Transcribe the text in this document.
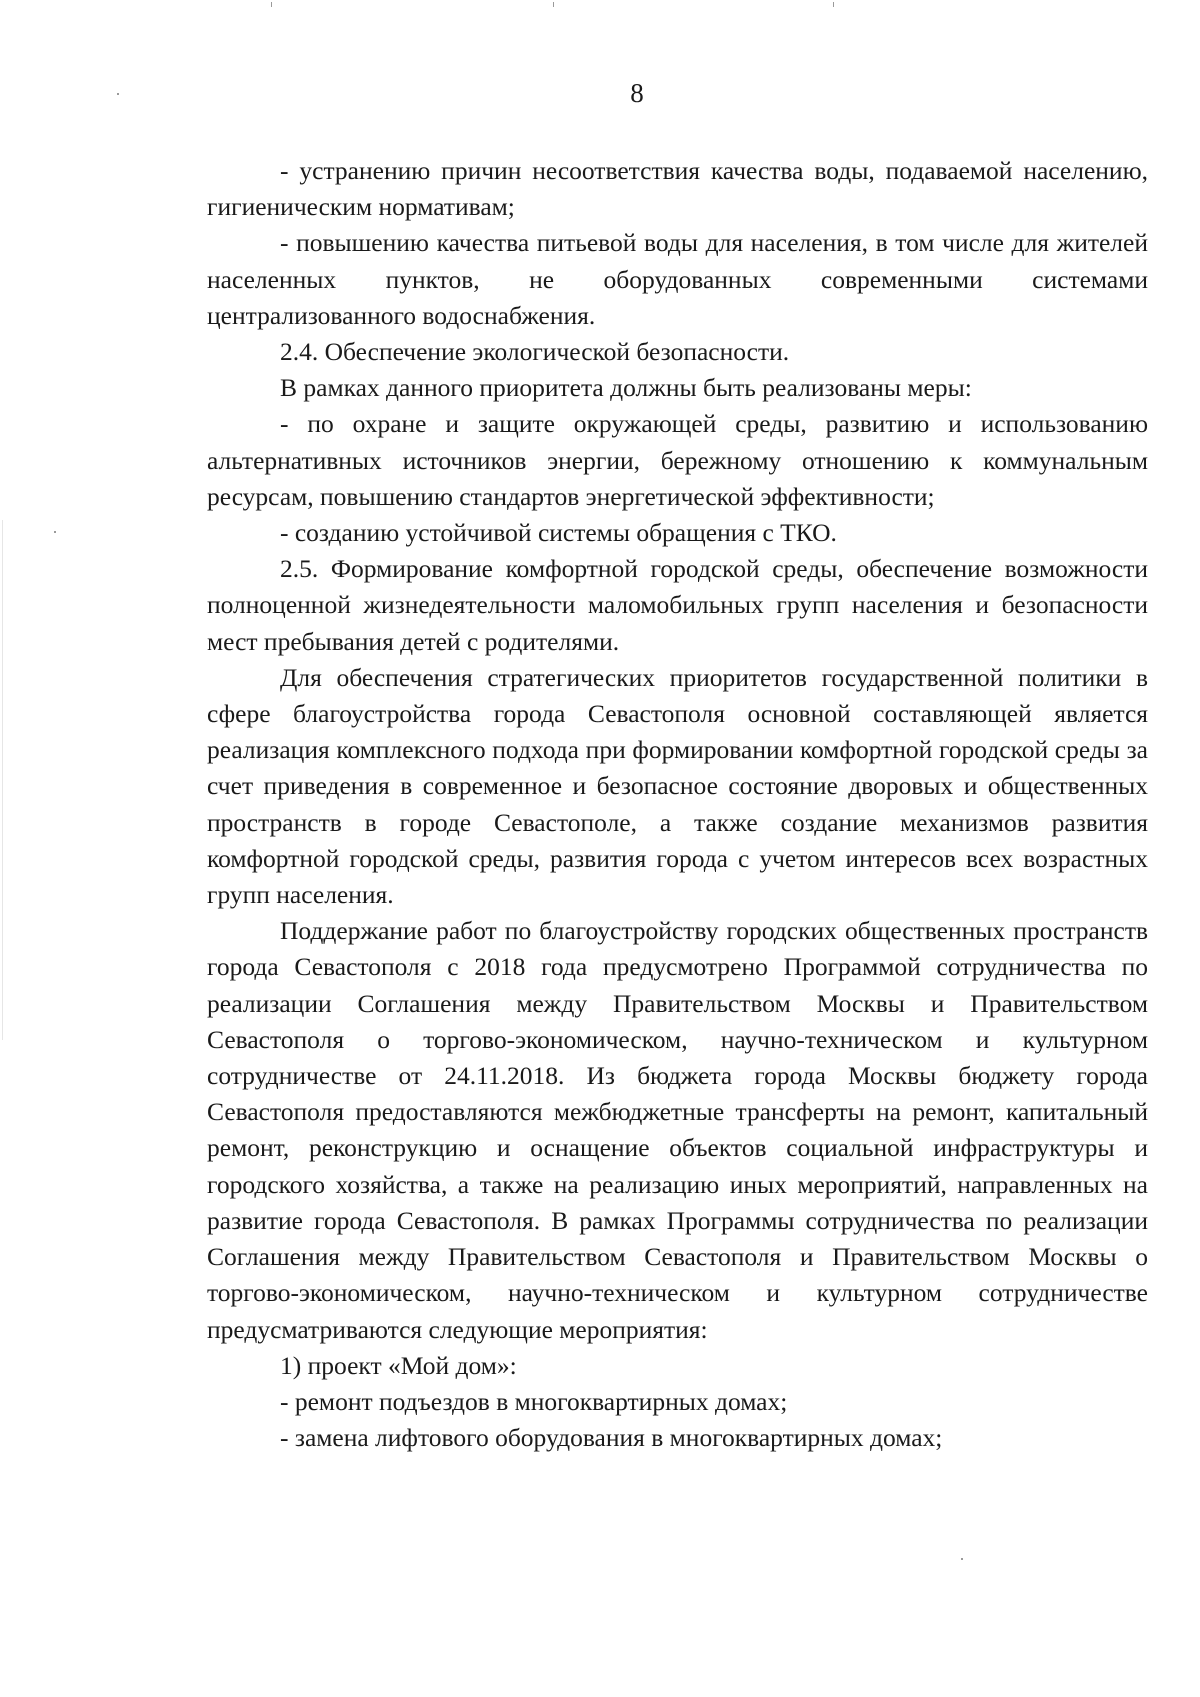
8

- устранению причин несоответствия качества воды, подаваемой населению, гигиеническим нормативам;

- повышению качества питьевой воды для населения, в том числе для жителей населенных пунктов, не оборудованных современными системами централизованного водоснабжения.

2.4. Обеспечение экологической безопасности.

В рамках данного приоритета должны быть реализованы меры:

- по охране и защите окружающей среды, развитию и использованию альтернативных источников энергии, бережному отношению к коммунальным ресурсам, повышению стандартов энергетической эффективности;

- созданию устойчивой системы обращения с ТКО.

2.5. Формирование комфортной городской среды, обеспечение возможности полноценной жизнедеятельности маломобильных групп населения и безопасности мест пребывания детей с родителями.

Для обеспечения стратегических приоритетов государственной политики в сфере благоустройства города Севастополя основной составляющей является реализация комплексного подхода при формировании комфортной городской среды за счет приведения в современное и безопасное состояние дворовых и общественных пространств в городе Севастополе, а также создание механизмов развития комфортной городской среды, развития города с учетом интересов всех возрастных групп населения.

Поддержание работ по благоустройству городских общественных пространств города Севастополя с 2018 года предусмотрено Программой сотрудничества по реализации Соглашения между Правительством Москвы и Правительством Севастополя о торгово-экономическом, научно-техническом и культурном сотрудничестве от 24.11.2018. Из бюджета города Москвы бюджету города Севастополя предоставляются межбюджетные трансферты на ремонт, капитальный ремонт, реконструкцию и оснащение объектов социальной инфраструктуры и городского хозяйства, а также на реализацию иных мероприятий, направленных на развитие города Севастополя. В рамках Программы сотрудничества по реализации Соглашения между Правительством Севастополя и Правительством Москвы о торгово-экономическом, научно-техническом и культурном сотрудничестве предусматриваются следующие мероприятия:

1) проект «Мой дом»:

- ремонт подъездов в многоквартирных домах;

- замена лифтового оборудования в многоквартирных домах;
